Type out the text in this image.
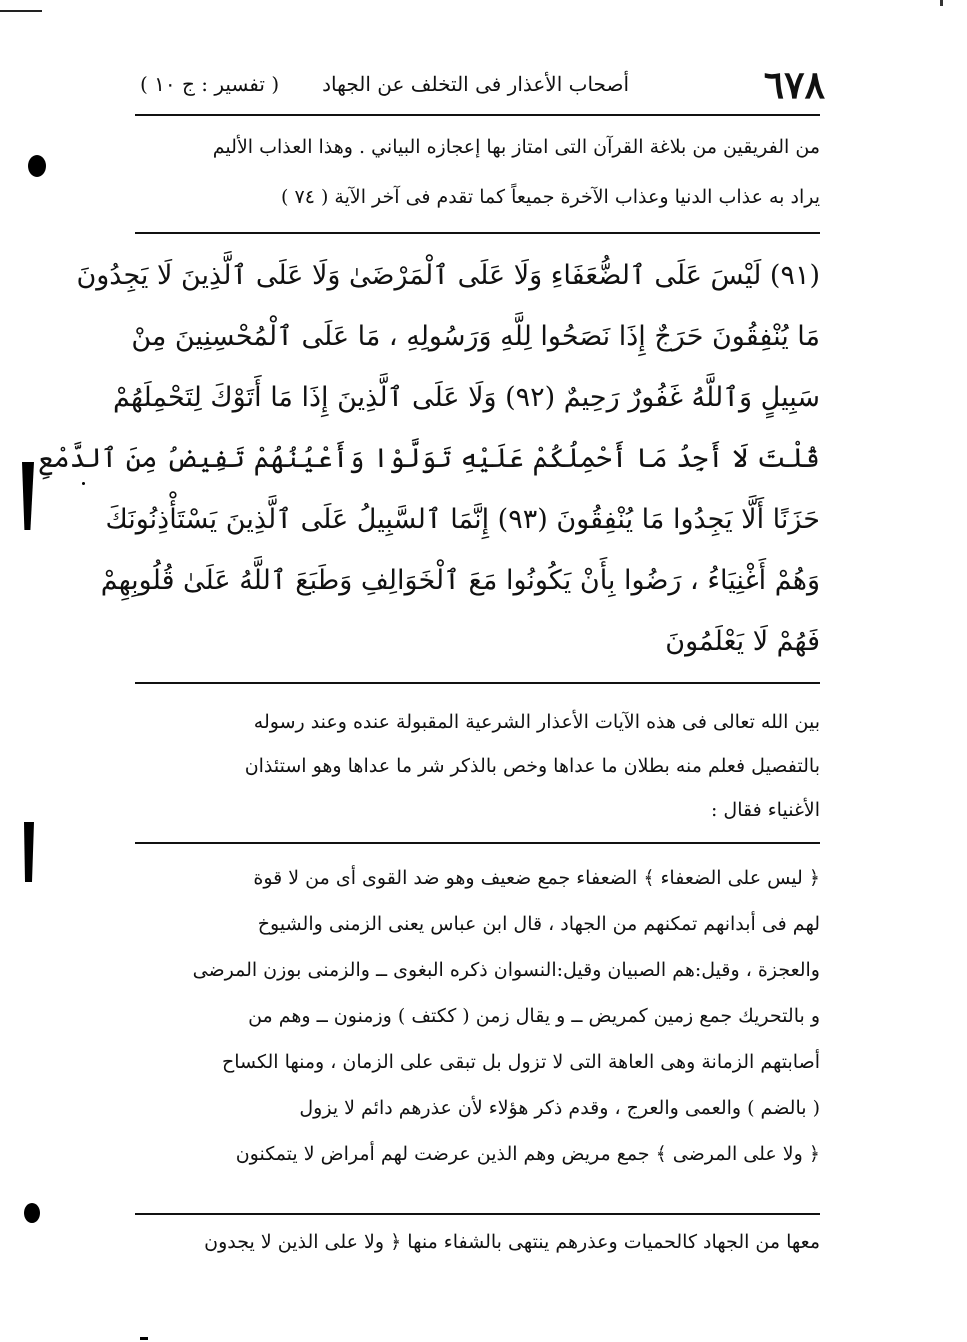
٦٧٨
أصحاب الأعذار فى التخلف عن الجهاد
( تفسير : ج ١٠ )
من الفريقين من بلاغة القرآن التى امتاز بها إعجازه البياني . وهذا العذاب الأليم
يراد به عذاب الدنيا وعذاب الآخرة جميعاً كما تقدم فى آخر الآية ( ٧٤ )
(٩١) لَيْسَ عَلَى ٱلضُّعَفَاءِ وَلَا عَلَى ٱلْمَرْضَىٰ وَلَا عَلَى ٱلَّذِينَ لَا يَجِدُونَ
مَا يُنْفِقُونَ حَرَجٌ إِذَا نَصَحُوا لِلَّهِ وَرَسُولِهِ ، مَا عَلَى ٱلْمُحْسِنِينَ مِنْ
سَبِيلٍ وَٱللَّهُ غَفُورٌ رَحِيمٌ (٩٢) وَلَا عَلَى ٱلَّذِينَ إِذَا مَا أَتَوْكَ لِتَحْمِلَهُمْ
قُلْتَ لَا أَجِدُ مَا أَحْمِلُكُمْ عَلَيْهِ تَوَلَّوْا وَأَعْيُنُهُمْ تَفِيضُ مِنَ ٱلدَّمْعِ
حَزَنًا أَلَّا يَجِدُوا مَا يُنْفِقُونَ (٩٣) إِنَّمَا ٱلسَّبِيلُ عَلَى ٱلَّذِينَ يَسْتَأْذِنُونَكَ
وَهُمْ أَغْنِيَاءُ ، رَضُوا بِأَنْ يَكُونُوا مَعَ ٱلْخَوَالِفِ وَطَبَعَ ٱللَّهُ عَلَىٰ قُلُوبِهِمْ
فَهُمْ لَا يَعْلَمُونَ
بين الله تعالى فى هذه الآيات الأعذار الشرعية المقبولة عنده وعند رسوله
بالتفصيل فعلم منه بطلان ما عداها وخص بالذكر شر ما عداها وهو استئذان
الأغنياء فقال :
﴿ ليس على الضعفاء ﴾ الضعفاء جمع ضعيف وهو ضد القوى أى من لا قوة
لهم فى أبدانهم تمكنهم من الجهاد ، قال ابن عباس يعنى الزمنى والشيوخ
والعجزة ، وقيل:هم الصبيان وقيل:النسوان ذكره البغوى ــ والزمنى بوزن المرضى
و بالتحريك جمع زمين كمريض ــ و يقال زمن ( ككتف ) وزمنون ــ وهم من
أصابتهم الزمانة وهى العاهة التى لا تزول بل تبقى على الزمان ، ومنها الكساح
( بالضم ) والعمى والعرج ، وقدم ذكر هؤلاء لأن عذرهم دائم لا يزول
﴿ ولا على المرضى ﴾ جمع مريض وهم الذين عرضت لهم أمراض لا يتمكنون
معها من الجهاد كالحميات وعذرهم ينتهى بالشفاء منها ﴿ ولا على الذين لا يجدون
